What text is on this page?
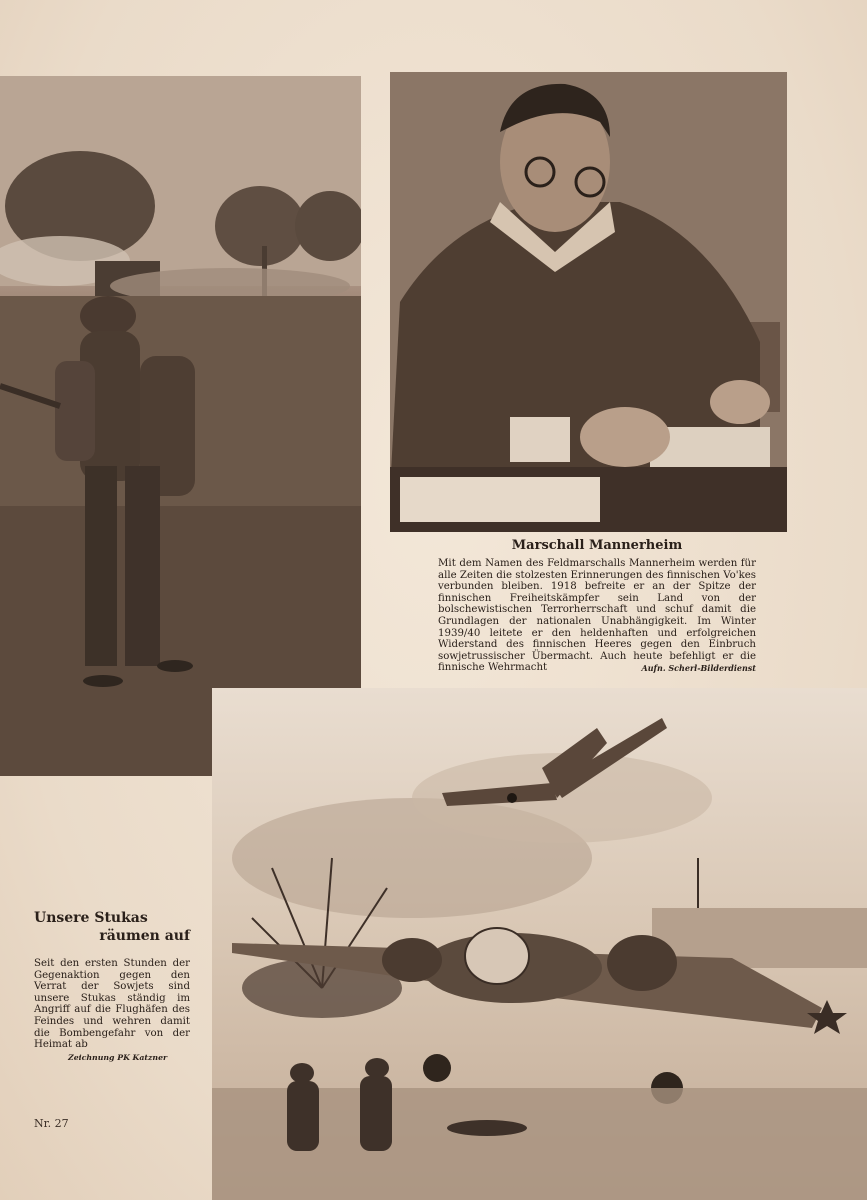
Marschall Mannerheim

Mit dem Namen des Feldmarschalls Mannerheim werden für alle Zeiten die stolzesten Erinnerungen des finnischen Vo'kes verbunden bleiben. 1918 befreite er an der Spitze der finnischen Freiheitskämpfer sein Land von der bolschewistischen Terrorherrschaft und schuf damit die Grundlagen der nationalen Unabhängigkeit. Im Winter 1939/40 leitete er den heldenhaften und erfolgreichen Widerstand des finnischen Heeres gegen den Einbruch sowjetrussischer Übermacht. Auch heute befehligt er die finnische Wehrmacht	Aufn. Scherl-Bilderdienst

Unsere Stukas

räumen auf

Seit den ersten Stunden der Gegenaktion gegen den Verrat der Sowjets sind unsere Stukas ständig im Angriff auf die Flughäfen des Feindes und wehren damit die Bombengefahr von der Heimat ab

Zeichnung PK Katzner
Nr. 27
